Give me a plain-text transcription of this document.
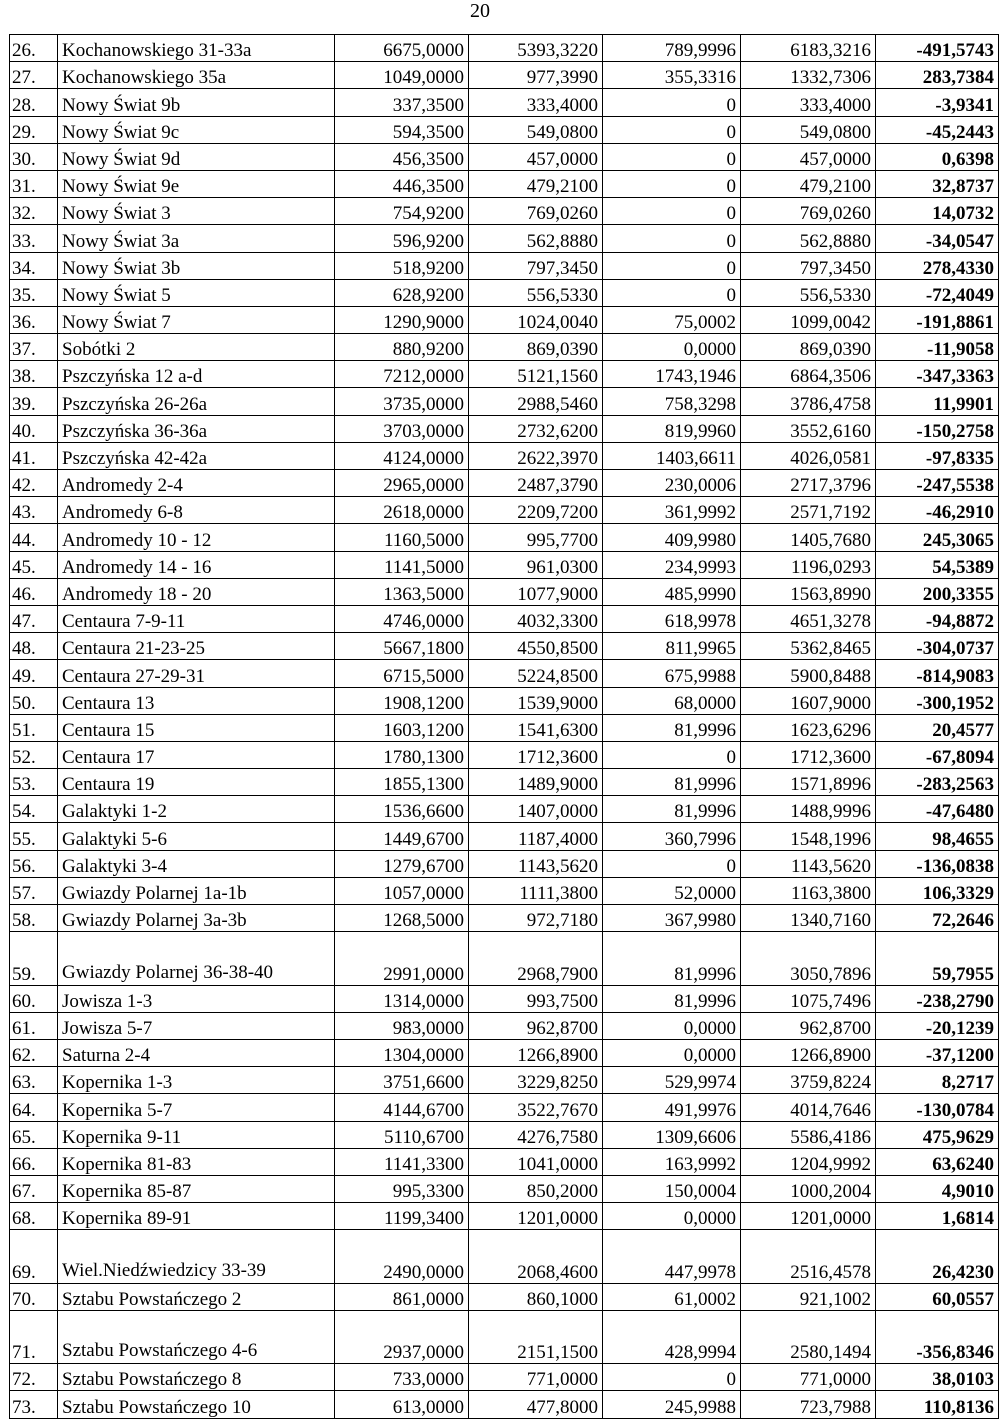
20
26.	Kochanowskiego 31-33a	6675,0000	5393,3220	789,9996	6183,3216	-491,5743
27.	Kochanowskiego 35a	1049,0000	977,3990	355,3316	1332,7306	283,7384
28.	Nowy Świat 9b	337,3500	333,4000	0	333,4000	-3,9341
29.	Nowy Świat 9c	594,3500	549,0800	0	549,0800	-45,2443
30.	Nowy Świat 9d	456,3500	457,0000	0	457,0000	0,6398
31.	Nowy Świat 9e	446,3500	479,2100	0	479,2100	32,8737
32.	Nowy Świat 3	754,9200	769,0260	0	769,0260	14,0732
33.	Nowy Świat 3a	596,9200	562,8880	0	562,8880	-34,0547
34.	Nowy Świat 3b	518,9200	797,3450	0	797,3450	278,4330
35.	Nowy Świat 5	628,9200	556,5330	0	556,5330	-72,4049
36.	Nowy Świat 7	1290,9000	1024,0040	75,0002	1099,0042	-191,8861
37.	Sobótki 2	880,9200	869,0390	0,0000	869,0390	-11,9058
38.	Pszczyńska 12 a-d	7212,0000	5121,1560	1743,1946	6864,3506	-347,3363
39.	Pszczyńska 26-26a	3735,0000	2988,5460	758,3298	3786,4758	11,9901
40.	Pszczyńska 36-36a	3703,0000	2732,6200	819,9960	3552,6160	-150,2758
41.	Pszczyńska 42-42a	4124,0000	2622,3970	1403,6611	4026,0581	-97,8335
42.	Andromedy 2-4	2965,0000	2487,3790	230,0006	2717,3796	-247,5538
43.	Andromedy 6-8	2618,0000	2209,7200	361,9992	2571,7192	-46,2910
44.	Andromedy 10 - 12	1160,5000	995,7700	409,9980	1405,7680	245,3065
45.	Andromedy 14 - 16	1141,5000	961,0300	234,9993	1196,0293	54,5389
46.	Andromedy 18 - 20	1363,5000	1077,9000	485,9990	1563,8990	200,3355
47.	Centaura 7-9-11	4746,0000	4032,3300	618,9978	4651,3278	-94,8872
48.	Centaura 21-23-25	5667,1800	4550,8500	811,9965	5362,8465	-304,0737
49.	Centaura 27-29-31	6715,5000	5224,8500	675,9988	5900,8488	-814,9083
50.	Centaura 13	1908,1200	1539,9000	68,0000	1607,9000	-300,1952
51.	Centaura 15	1603,1200	1541,6300	81,9996	1623,6296	20,4577
52.	Centaura 17	1780,1300	1712,3600	0	1712,3600	-67,8094
53.	Centaura 19	1855,1300	1489,9000	81,9996	1571,8996	-283,2563
54.	Galaktyki 1-2	1536,6600	1407,0000	81,9996	1488,9996	-47,6480
55.	Galaktyki 5-6	1449,6700	1187,4000	360,7996	1548,1996	98,4655
56.	Galaktyki 3-4	1279,6700	1143,5620	0	1143,5620	-136,0838
57.	Gwiazdy Polarnej 1a-1b	1057,0000	1111,3800	52,0000	1163,3800	106,3329
58.	Gwiazdy Polarnej 3a-3b	1268,5000	972,7180	367,9980	1340,7160	72,2646
59.	Gwiazdy Polarnej 36-38-40	2991,0000	2968,7900	81,9996	3050,7896	59,7955
60.	Jowisza 1-3	1314,0000	993,7500	81,9996	1075,7496	-238,2790
61.	Jowisza 5-7	983,0000	962,8700	0,0000	962,8700	-20,1239
62.	Saturna 2-4	1304,0000	1266,8900	0,0000	1266,8900	-37,1200
63.	Kopernika 1-3	3751,6600	3229,8250	529,9974	3759,8224	8,2717
64.	Kopernika 5-7	4144,6700	3522,7670	491,9976	4014,7646	-130,0784
65.	Kopernika 9-11	5110,6700	4276,7580	1309,6606	5586,4186	475,9629
66.	Kopernika 81-83	1141,3300	1041,0000	163,9992	1204,9992	63,6240
67.	Kopernika 85-87	995,3300	850,2000	150,0004	1000,2004	4,9010
68.	Kopernika 89-91	1199,3400	1201,0000	0,0000	1201,0000	1,6814
69.	Wiel.Niedźwiedzicy 33-39	2490,0000	2068,4600	447,9978	2516,4578	26,4230
70.	Sztabu Powstańczego 2	861,0000	860,1000	61,0002	921,1002	60,0557
71.	Sztabu Powstańczego 4-6	2937,0000	2151,1500	428,9994	2580,1494	-356,8346
72.	Sztabu Powstańczego 8	733,0000	771,0000	0	771,0000	38,0103
73.	Sztabu Powstańczego 10	613,0000	477,8000	245,9988	723,7988	110,8136
